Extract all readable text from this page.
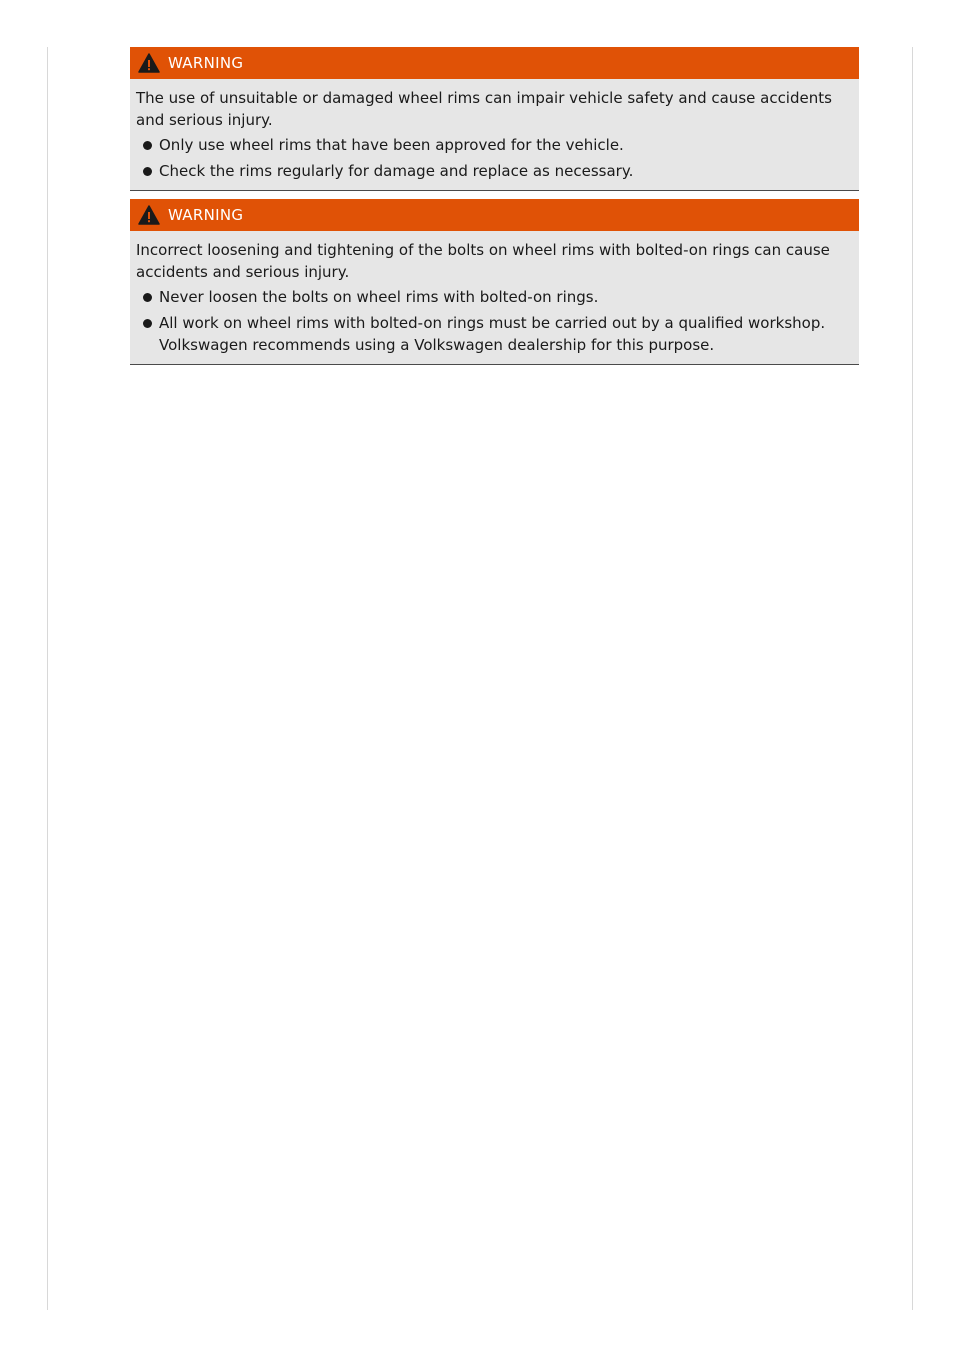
WARNING

The use of unsuitable or damaged wheel rims can impair vehicle safety and cause accidents and serious injury.

Only use wheel rims that have been approved for the vehicle.
Check the rims regularly for damage and replace as necessary.
WARNING

Incorrect loosening and tightening of the bolts on wheel rims with bolted-on rings can cause accidents and serious injury.

Never loosen the bolts on wheel rims with bolted-on rings.
All work on wheel rims with bolted-on rings must be carried out by a qualified workshop. Volkswagen recommends using a Volkswagen dealership for this purpose.
